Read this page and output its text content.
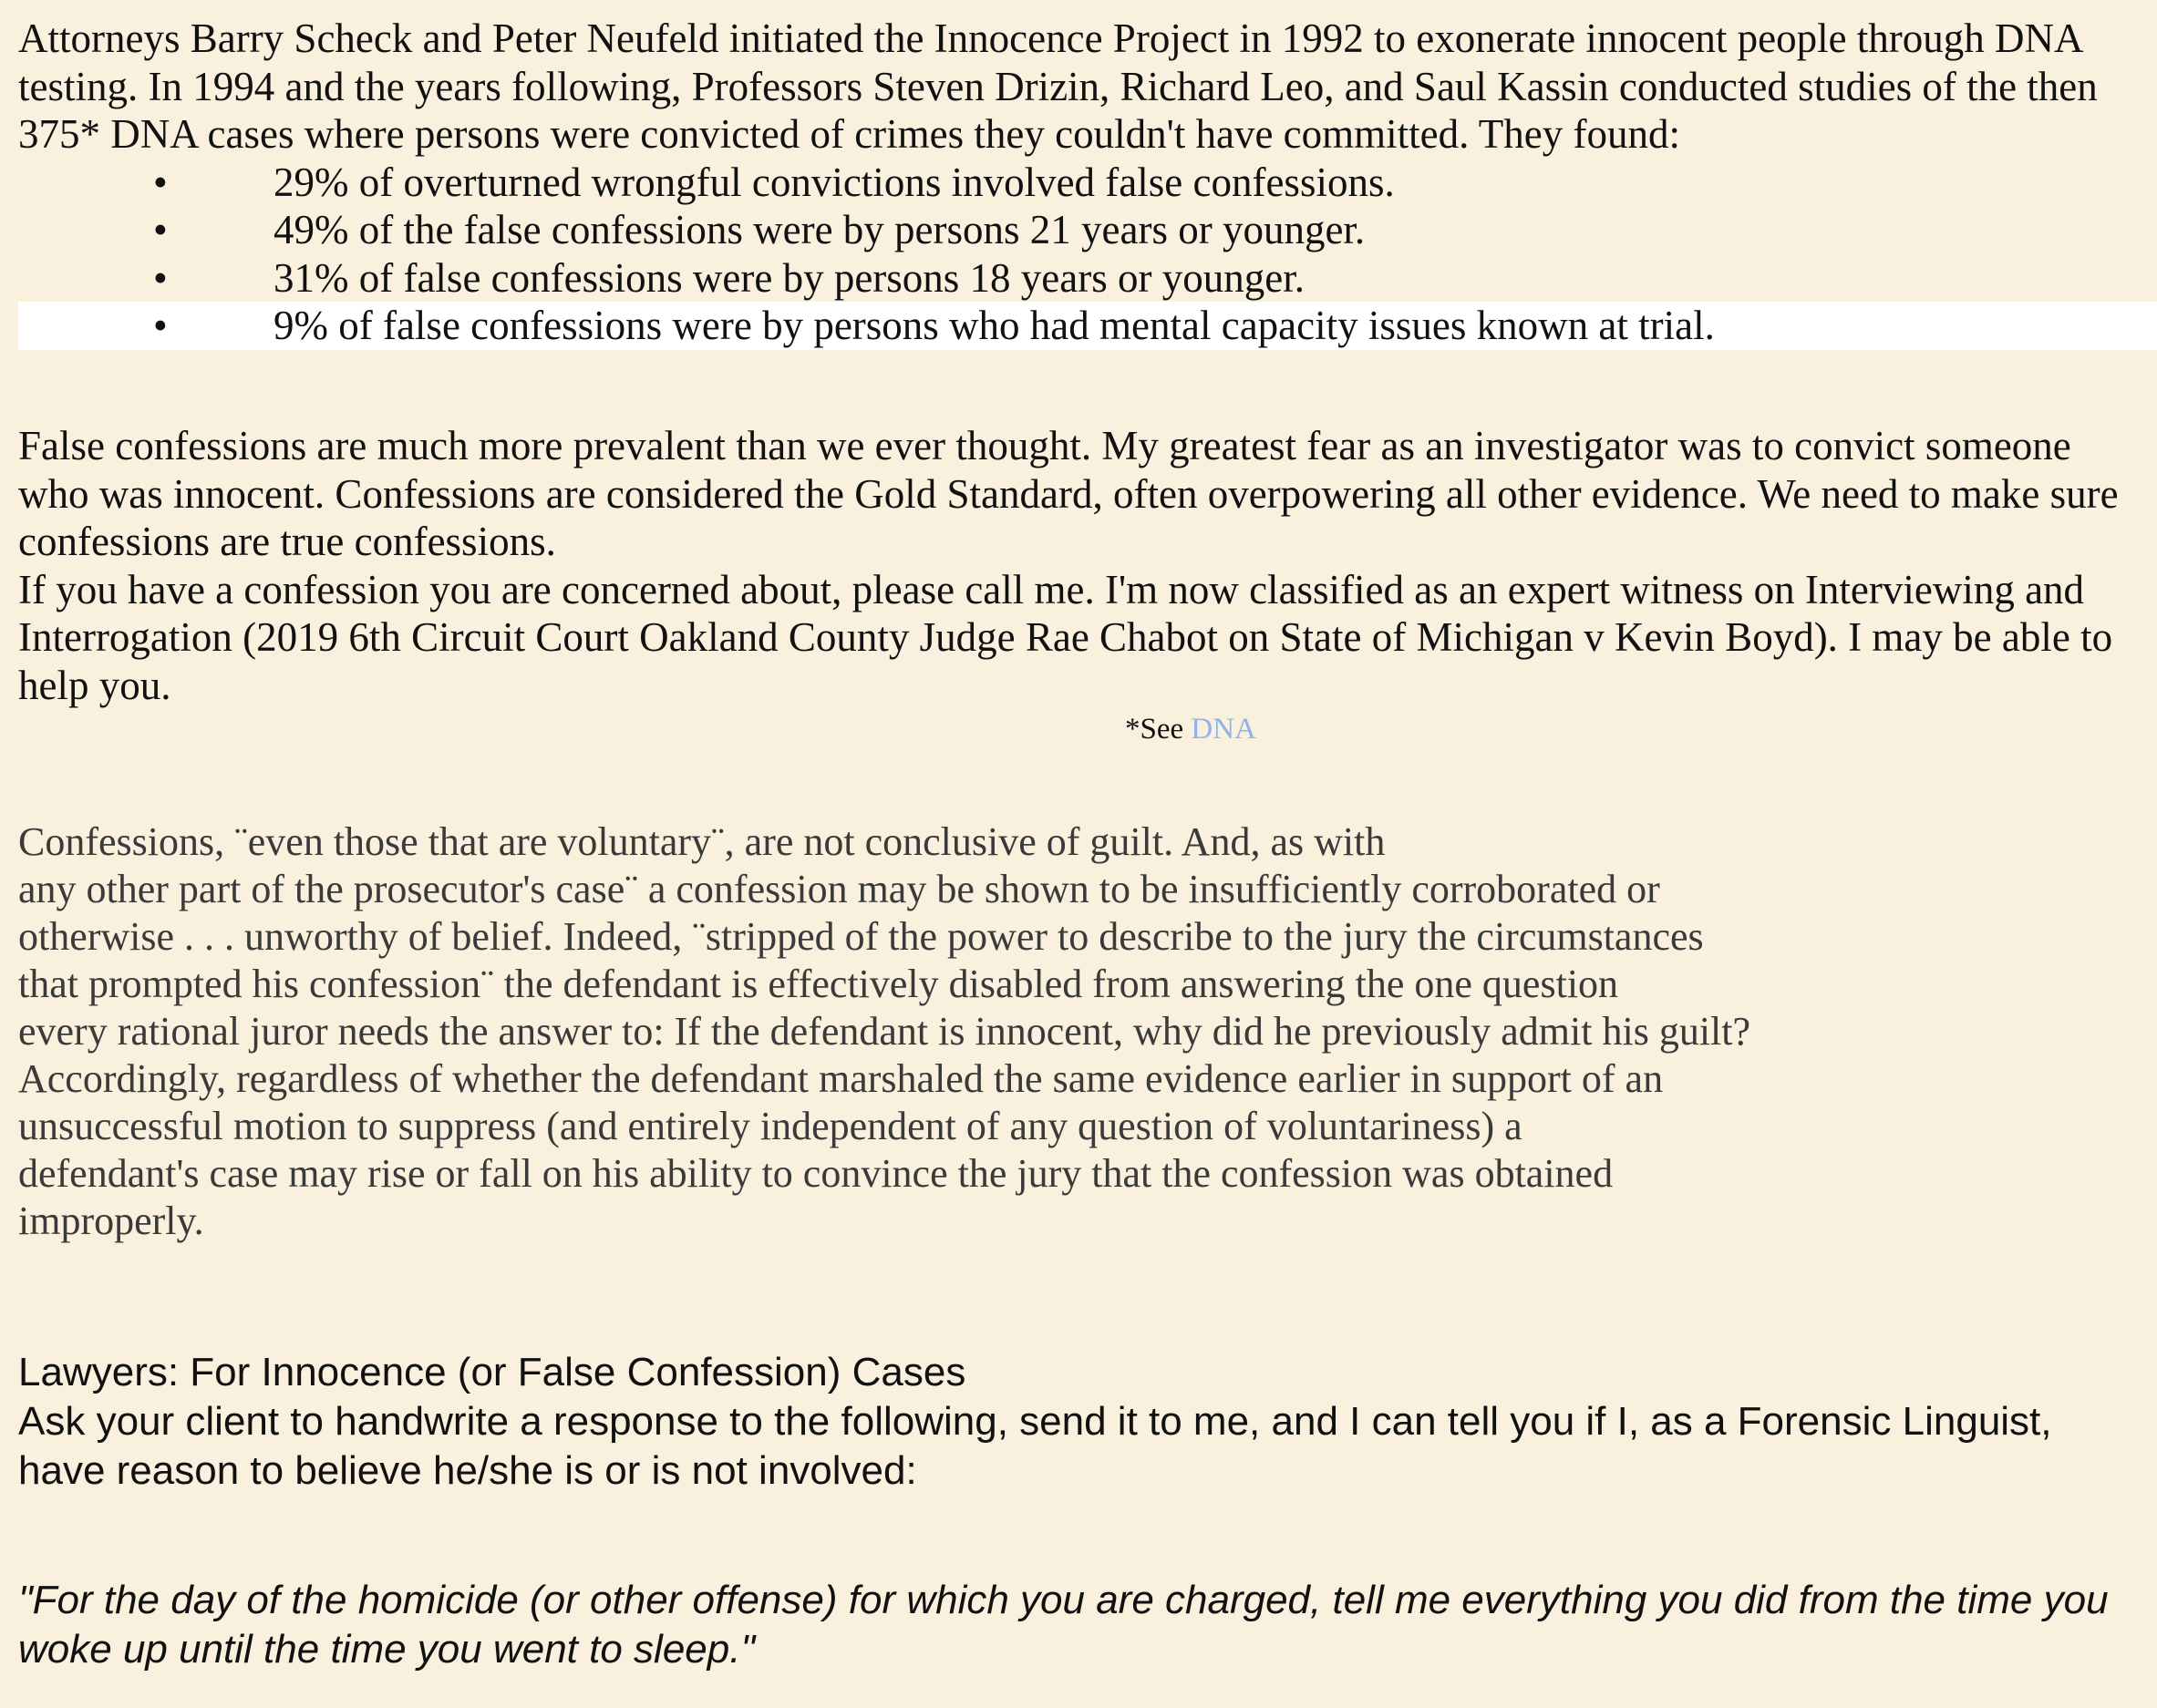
Attorneys Barry Scheck and Peter Neufeld initiated the Innocence Project in 1992 to exonerate innocent people through DNA testing. In 1994 and the years following, Professors Steven Drizin, Richard Leo, and Saul Kassin conducted studies of the then 375* DNA cases where persons were convicted of crimes they couldn't have committed. They found:

•	29% of overturned wrongful convictions involved false confessions.
•	49% of the false confessions were by persons 21 years or younger.
•	31% of false confessions were by persons 18 years or younger.
•	9% of false confessions were by persons who had mental capacity issues known at trial.

False confessions are much more prevalent than we ever thought. My greatest fear as an investigator was to convict someone who was innocent. Confessions are considered the Gold Standard, often overpowering all other evidence. We need to make sure confessions are true confessions.

If you have a confession you are concerned about, please call me. I'm now classified as an expert witness on Interviewing and Interrogation (2019 6th Circuit Court Oakland County Judge Rae Chabot on State of Michigan v Kevin Boyd). I may be able to help you.

*See DNA
Confessions, ¨even those that are voluntary¨, are not conclusive of guilt. And, as with
any other part of the prosecutor's case¨ a confession may be shown to be insufficiently corroborated or
otherwise . . . unworthy of belief. Indeed, ¨stripped of the power to describe to the jury the circumstances
that prompted his confession¨ the defendant is effectively disabled from answering the one question
every rational juror needs the answer to: If the defendant is innocent, why did he previously admit his guilt?
Accordingly, regardless of whether the defendant marshaled the same evidence earlier in support of an
unsuccessful motion to suppress (and entirely independent of any question of voluntariness) a
defendant's case may rise or fall on his ability to convince the jury that the confession was obtained
improperly.

Lawyers: For Innocence (or False Confession) Cases

Ask your client to handwrite a response to the following, send it to me, and I can tell you if I, as a Forensic Linguist, have reason to believe he/she is or is not involved:

"For the day of the homicide (or other offense) for which you are charged, tell me everything you did from the time you woke up until the time you went to sleep."
